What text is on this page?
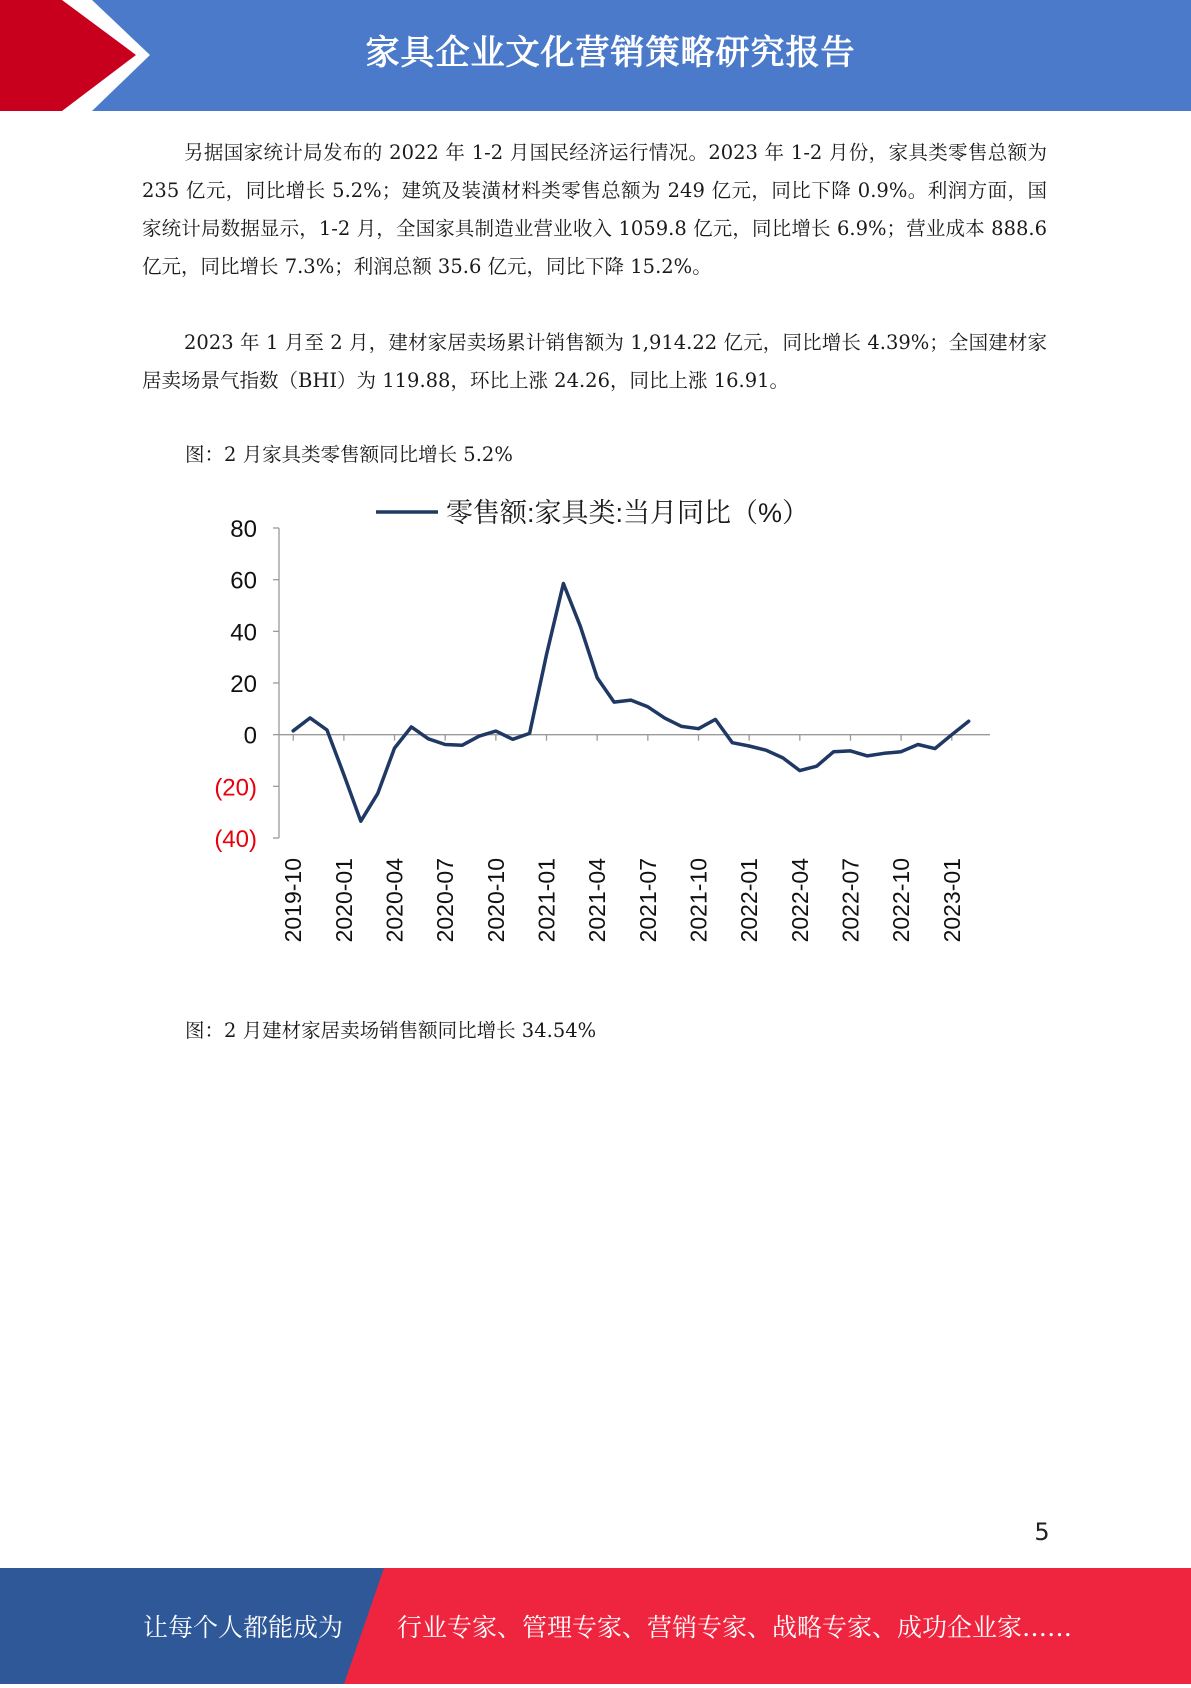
家具企业文化营销策略研究报告

另据国家统计局发布的 2022 年 1-2 月国民经济运行情况。2023 年 1-2 月份，家具类零售总额为 235 亿元，同比增长 5.2%；建筑及装潢材料类零售总额为 249 亿元，同比下降 0.9%。利润方面，国家统计局数据显示，1-2 月，全国家具制造业营业收入 1059.8 亿元，同比增长 6.9%；营业成本 888.6 亿元，同比增长 7.3%；利润总额 35.6 亿元，同比下降 15.2%。

2023 年 1 月至 2 月，建材家居卖场累计销售额为 1,914.22 亿元，同比增长 4.39%；全国建材家居卖场景气指数（BHI）为 119.88，环比上涨 24.26，同比上涨 16.91。

图：2 月家具类零售额同比增长 5.2%

零售额:家具类:当月同比（%）
80
60
40
20
0
(20)
(40)
2019-10 2020-01 2020-04 2020-07 2020-10 2021-01 2021-04 2021-07 2021-10 2022-01 2022-04 2022-07 2022-10 2023-01

图：2 月建材家居卖场销售额同比增长 34.54%

5
让每个人都能成为 行业专家、管理专家、营销专家、战略专家、成功企业家……
